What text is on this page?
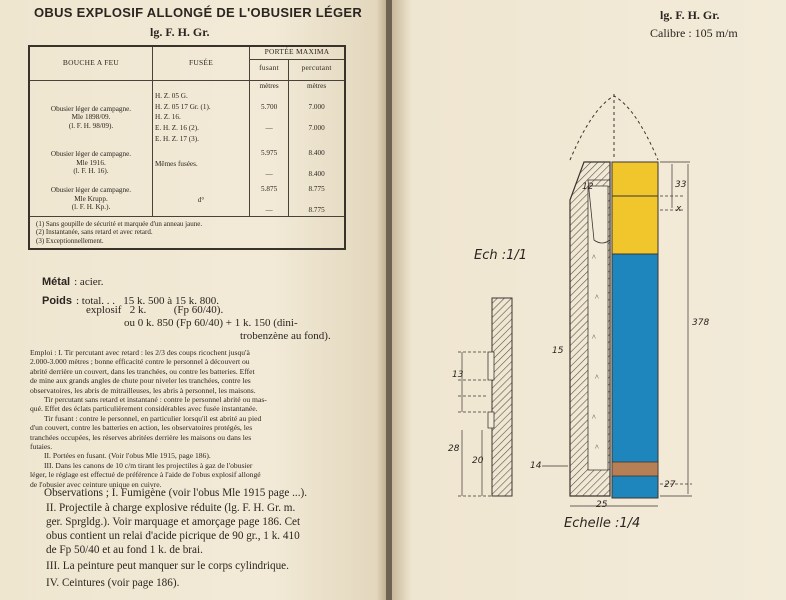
OBUS EXPLOSIF ALLONGÉ DE L'OBUSIER LÉGER
lg. F. H. Gr.
BOUCHE A FEU	FUSÉE	PORTÉE MAXIMA	
		fusant	percutant
		mètres	mètres

Obusier léger de campagne.
Mle 1898/09.
(l. F. H. 98/09).	H. Z. 05 G.		
	H. Z. 05 17 Gr. (1).	5.700	7.000
	H. Z. 16.		
	E. H. Z. 16 (2).	—	7.000
	E. H. Z. 17 (3).		

Obusier léger de campagne.
Mle 1916.
(l. F. H. 16).		5.975	8.400
	Mêmes fusées.		
		—	8.400

Obusier léger de campagne.
Mle Krupp.
(l. F. H. Kp.).		5.875	8.775
	d°		
		—	8.775

(1) Sans goupille de sécurité et marquée d'un anneau jaune.
(2) Instantanée, sans retard et avec retard.
(3) Exceptionnellement.			
Métal : acier.
Poids : total. . .   15 k. 500 à 15 k. 800.
explosif   2 k.          (Fp 60/40).
ou 0 k. 850 (Fp 60/40) + 1 k. 150 (dini-
trobenzène au fond).
Emploi : I. Tir percutant avec retard : les 2/3 des coups ricochent jusqu'à
2.000-3.000 mètres ; bonne efficacité contre le personnel à découvert ou
abrité derrière un couvert, dans les tranchées, ou contre les batteries. Effet
de mine aux grands angles de chute pour niveler les tranchées, contre les
observatoires, les abris de mitrailleuses, les abris à personnel, les maisons.
Tir percutant sans retard et instantané : contre le personnel abrité ou mas-
qué. Effet des éclats particulièrement considérables avec fusée instantanée.
Tir fusant : contre le personnel, en particulier lorsqu'il est abrité au pied
d'un couvert, contre les batteries en action, les observatoires protégés, les
tranchées occupées, les réserves abritées derrière les maisons ou dans les
futaies.
II. Portées en fusant. (Voir l'obus Mle 1915, page 186).
III. Dans les canons de 10 c/m tirant les projectiles à gaz de l'obusier
léger, le réglage est effectué de préférence à l'aide de l'obus explosif allongé
de l'obusier avec ceinture unique en cuivre.
Observations ; I. Fumigène (voir l'obus Mle 1915 page ...).
II. Projectile à charge explosive réduite (lg. F. H. Gr. m.
ger. Sprgldg.). Voir marquage et amorçage page 186. Cet
obus contient un relai d'acide picrique de 90 gr., 1 k. 410
de Fp 50/40 et au fond 1 k. de brai.
III. La peinture peut manquer sur le corps cylindrique.
IV. Ceintures (voir page 186).
lg. F. H. Gr.
Calibre : 105 m/m
^
^
^
^
^
^
Ech :1/1
Echelle :1/4
12	33
x
378
15
13
28
20	14
27
25
